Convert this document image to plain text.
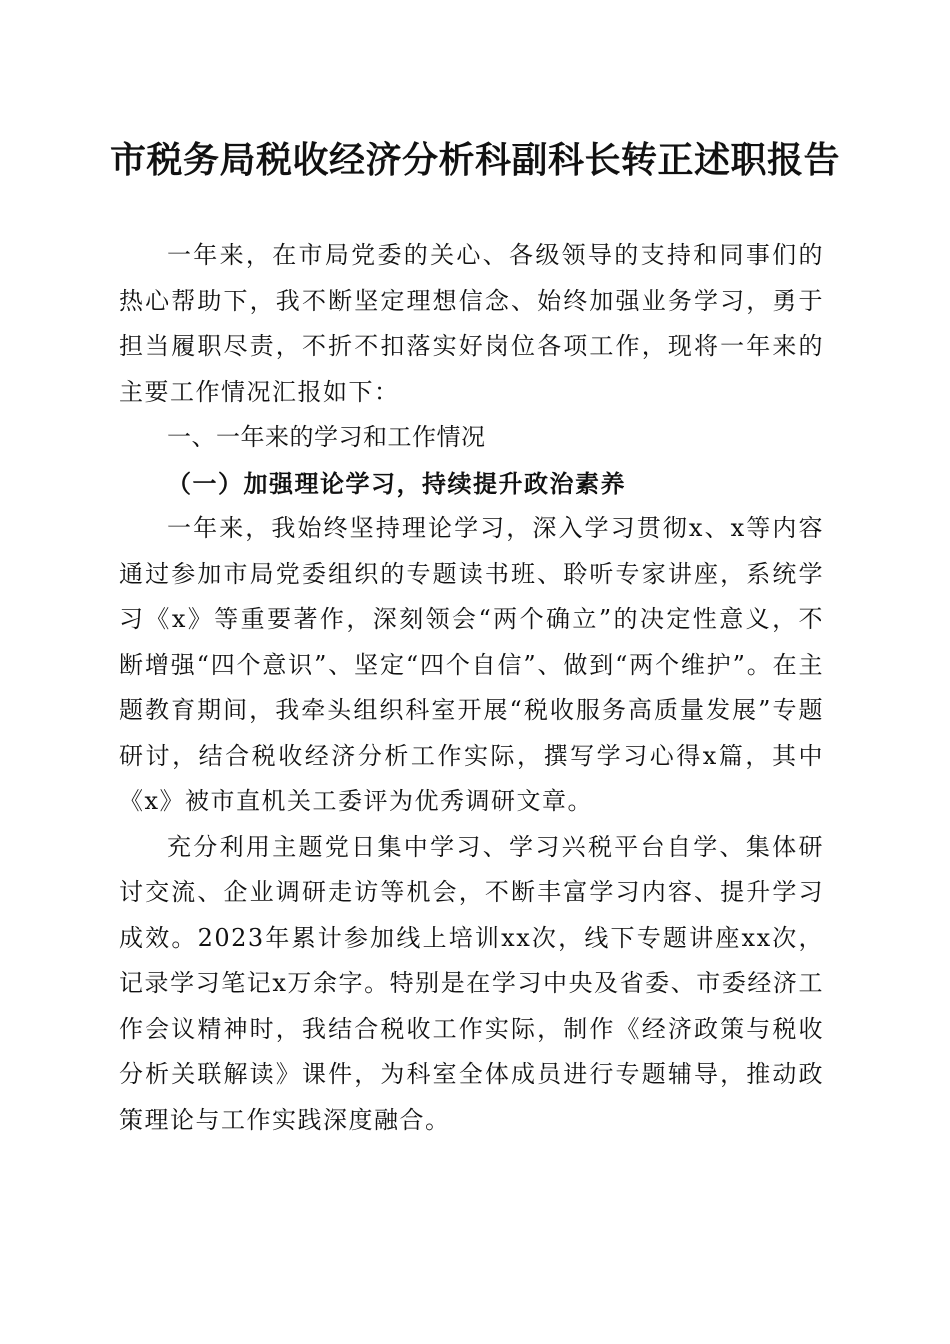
市税务局税收经济分析科副科长转正述职报告

一年来，在市局党委的关心、各级领导的支持和同事们的热心帮助下，我不断坚定理想信念、始终加强业务学习，勇于担当履职尽责，不折不扣落实好岗位各项工作，现将一年来的主要工作情况汇报如下：

一、一年来的学习和工作情况

（一）加强理论学习，持续提升政治素养

一年来，我始终坚持理论学习，深入学习贯彻x、x等内容通过参加市局党委组织的专题读书班、聆听专家讲座，系统学习《x》等重要著作，深刻领会“两个确立”的决定性意义，不断增强“四个意识”、坚定“四个自信”、做到“两个维护”。在主题教育期间，我牵头组织科室开展“税收服务高质量发展”专题研讨，结合税收经济分析工作实际，撰写学习心得x篇，其中《x》被市直机关工委评为优秀调研文章。

充分利用主题党日集中学习、学习兴税平台自学、集体研讨交流、企业调研走访等机会，不断丰富学习内容、提升学习成效。2023年累计参加线上培训xx次，线下专题讲座xx次，记录学习笔记x万余字。特别是在学习中央及省委、市委经济工作会议精神时，我结合税收工作实际，制作《经济政策与税收分析关联解读》课件，为科室全体成员进行专题辅导，推动政策理论与工作实践深度融合。
